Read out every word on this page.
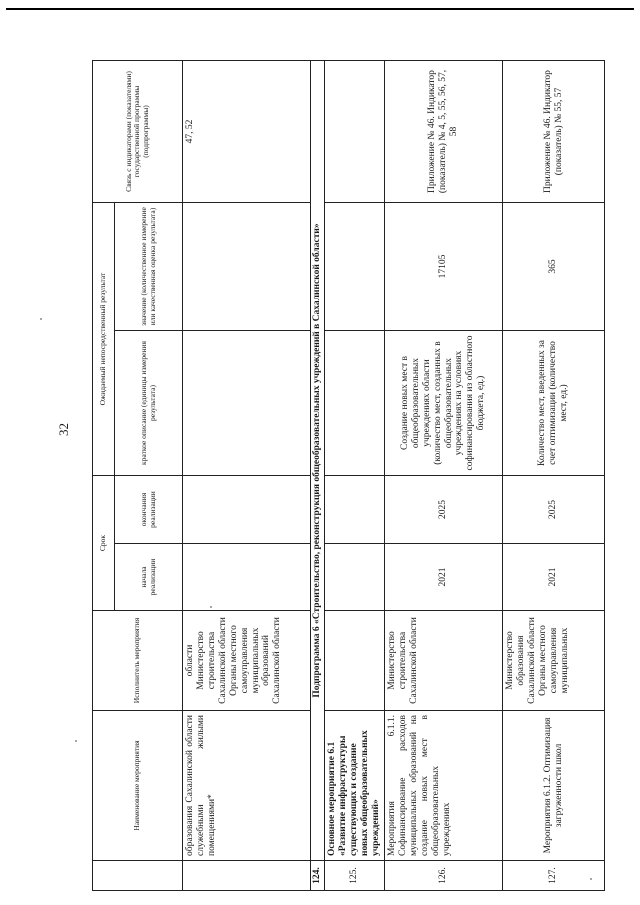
32
	Наименование мероприятия	Исполнитель мероприятия	Срок		Ожидаемый непосредственный результат		Связь с индикаторами (показателями) государственной программы (подпрограммы)
			начала реализации	окончания реализации	краткое описание (единицы измерения результата)	значение (количественное измерение или качественная оценка результата)	
	образования Сахалинской области служебными жилыми помещениями*	области Министерство строительства Сахалинской области Органы местного самоуправления муниципальных образований Сахалинской области					47, 52
124.	Подпрограмма 6 «Строительство, реконструкция общеобразовательных учреждений в Сахалинской области»						
125.	Основное мероприятие 6.1 «Развитие инфраструктуры существующих и создание новых общеобразовательных учреждений»						
126.	Мероприятия 6.1.1. Софинансирование расходов муниципальных образований на создание новых мест в общеобразовательных учреждениях	Министерство строительства Сахалинской области	2021	2025	Создание новых мест в общеобразовательных учреждениях области (количество мест, созданных в общеобразовательных учреждениях на условиях софинансирования из областного бюджета, ед.)	17105	Приложение № 46. Индикатор (показатель) № 4, 5, 55, 56, 57, 58
127.	Мероприятия 6.1.2. Оптимизация загруженности школ	Министерство образования Сахалинской области Органы местного самоуправления муниципальных	2021	2025	Количество мест, введенных за счет оптимизации (количество мест, ед.)	365	Приложение № 46. Индикатор (показатель) № 55, 57
